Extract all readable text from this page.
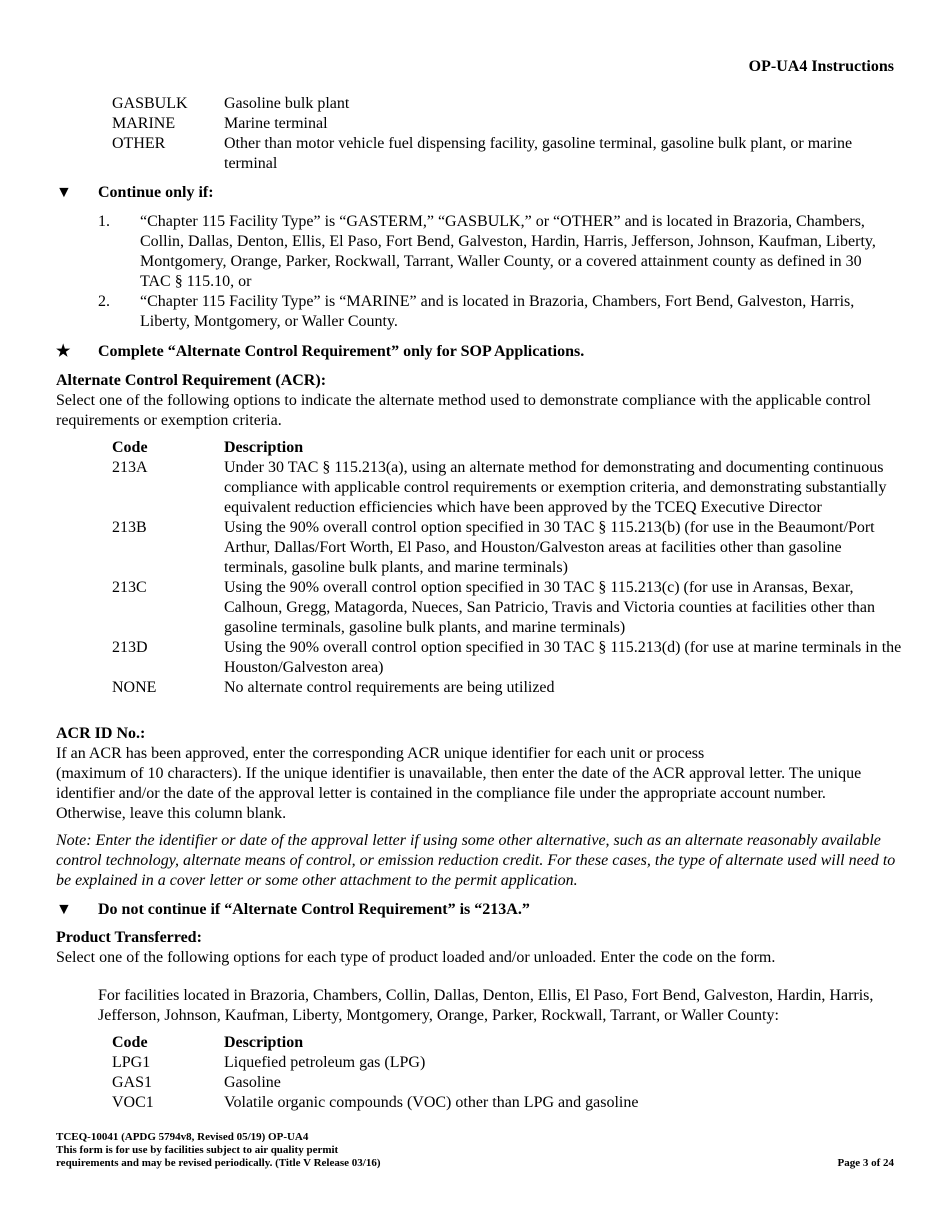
OP-UA4 Instructions
GASBULK	Gasoline bulk plant
MARINE	Marine terminal
OTHER	Other than motor vehicle fuel dispensing facility, gasoline terminal, gasoline bulk plant, or marine terminal
▼ Continue only if:
1.	“Chapter 115 Facility Type” is “GASTERM,” “GASBULK,” or “OTHER” and is located in Brazoria, Chambers, Collin, Dallas, Denton, Ellis, El Paso, Fort Bend, Galveston, Hardin, Harris, Jefferson, Johnson, Kaufman, Liberty, Montgomery, Orange, Parker, Rockwall, Tarrant, Waller County, or a covered attainment county as defined in 30 TAC § 115.10, or
2.	“Chapter 115 Facility Type” is “MARINE” and is located in Brazoria, Chambers, Fort Bend, Galveston, Harris, Liberty, Montgomery, or Waller County.
★	Complete “Alternate Control Requirement” only for SOP Applications.
Alternate Control Requirement (ACR):
Select one of the following options to indicate the alternate method used to demonstrate compliance with the applicable control requirements or exemption criteria.
Code	Description
213A	Under 30 TAC § 115.213(a), using an alternate method for demonstrating and documenting continuous compliance with applicable control requirements or exemption criteria, and demonstrating substantially equivalent reduction efficiencies which have been approved by the TCEQ Executive Director
213B	Using the 90% overall control option specified in 30 TAC § 115.213(b) (for use in the Beaumont/Port Arthur, Dallas/Fort Worth, El Paso, and Houston/Galveston areas at facilities other than gasoline terminals, gasoline bulk plants, and marine terminals)
213C	Using the 90% overall control option specified in 30 TAC § 115.213(c) (for use in Aransas, Bexar, Calhoun, Gregg, Matagorda, Nueces, San Patricio, Travis and Victoria counties at facilities other than gasoline terminals, gasoline bulk plants, and marine terminals)
213D	Using the 90% overall control option specified in 30 TAC § 115.213(d) (for use at marine terminals in the Houston/Galveston area)
NONE	No alternate control requirements are being utilized
ACR ID No.:
If an ACR has been approved, enter the corresponding ACR unique identifier for each unit or process
(maximum of 10 characters). If the unique identifier is unavailable, then enter the date of the ACR approval letter. The unique identifier and/or the date of the approval letter is contained in the compliance file under the appropriate account number. Otherwise, leave this column blank.
Note: Enter the identifier or date of the approval letter if using some other alternative, such as an alternate reasonably available control technology, alternate means of control, or emission reduction credit. For these cases, the type of alternate used will need to be explained in a cover letter or some other attachment to the permit application.
▼ Do not continue if “Alternate Control Requirement” is “213A.”
Product Transferred:
Select one of the following options for each type of product loaded and/or unloaded. Enter the code on the form.
For facilities located in Brazoria, Chambers, Collin, Dallas, Denton, Ellis, El Paso, Fort Bend, Galveston, Hardin, Harris, Jefferson, Johnson, Kaufman, Liberty, Montgomery, Orange, Parker, Rockwall, Tarrant, or Waller County:
Code	Description
LPG1	Liquefied petroleum gas (LPG)
GAS1	Gasoline
VOC1	Volatile organic compounds (VOC) other than LPG and gasoline
TCEQ-10041 (APDG 5794v8, Revised 05/19) OP-UA4
This form is for use by facilities subject to air quality permit
requirements and may be revised periodically. (Title V Release 03/16)	Page 3 of 24
